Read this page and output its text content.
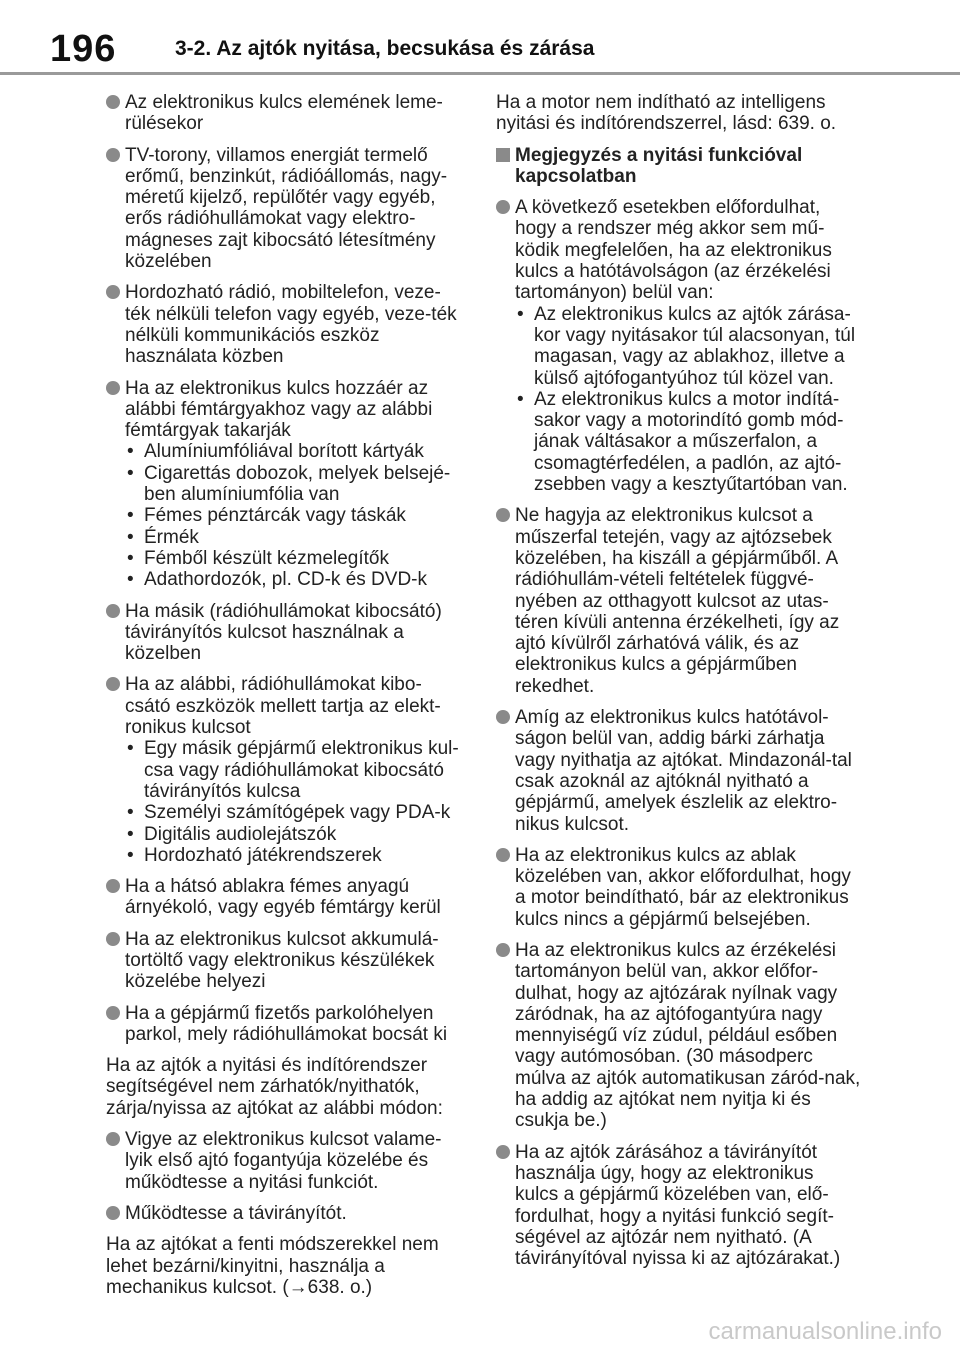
196	3-2. Az ajtók nyitása, becsukása és zárása
Az elektronikus kulcs elemének leme-rülésekor
TV-torony, villamos energiát termelő erőmű, benzinkút, rádióállomás, nagy-méretű kijelző, repülőtér vagy egyéb, erős rádióhullámokat vagy elektro-mágneses zajt kibocsátó létesítmény közelében
Hordozható rádió, mobiltelefon, veze-ték nélküli telefon vagy egyéb, veze-ték nélküli kommunikációs eszköz használata közben
Ha az elektronikus kulcs hozzáér az alábbi fémtárgyakhoz vagy az alábbi fémtárgyak takarják
• Alumíniumfóliával borított kártyák
• Cigarettás dobozok, melyek belsejé-ben alumíniumfólia van
• Fémes pénztárcák vagy táskák
• Érmék
• Fémből készült kézmelegítők
• Adathordozók, pl. CD-k és DVD-k
Ha másik (rádióhullámokat kibocsátó) távirányítós kulcsot használnak a közelben
Ha az alábbi, rádióhullámokat kibo-csátó eszközök mellett tartja az elekt-ronikus kulcsot
• Egy másik gépjármű elektronikus kul-csa vagy rádióhullámokat kibocsátó távirányítós kulcsa
• Személyi számítógépek vagy PDA-k
• Digitális audiolejátszók
• Hordozható játékrendszerek
Ha a hátsó ablakra fémes anyagú árnyékoló, vagy egyéb fémtárgy kerül
Ha az elektronikus kulcsot akkumulá-tortöltő vagy elektronikus készülékek közelébe helyezi
Ha a gépjármű fizetős parkolóhelyen parkol, mely rádióhullámokat bocsát ki
Ha az ajtók a nyitási és indítórendszer segítségével nem zárhatók/nyithatók, zárja/nyissa az ajtókat az alábbi módon:
Vigye az elektronikus kulcsot valame-lyik első ajtó fogantyúja közelébe és működtesse a nyitási funkciót.
Működtesse a távirányítót.
Ha az ajtókat a fenti módszerekkel nem lehet bezárni/kinyitni, használja a mechanikus kulcsot. (→638. o.)
Ha a motor nem indítható az intelligens nyitási és indítórendszerrel, lásd: 639. o.
Megjegyzés a nyitási funkcióval kapcsolatban
A következő esetekben előfordulhat, hogy a rendszer még akkor sem mű-ködik megfelelően, ha az elektronikus kulcs a hatótávolságon (az érzékelési tartományon) belül van:
• Az elektronikus kulcs az ajtók zárása-kor vagy nyitásakor túl alacsonyan, túl magasan, vagy az ablakhoz, illetve a külső ajtófogantyúhoz túl közel van.
• Az elektronikus kulcs a motor indítá-sakor vagy a motorindító gomb mód-jának váltásakor a műszerfalon, a csomagtérfedélen, a padlón, az ajtó-zsebben vagy a kesztyűtartóban van.
Ne hagyja az elektronikus kulcsot a műszerfal tetején, vagy az ajtózsebek közelében, ha kiszáll a gépjárműből. A rádióhullám-vételi feltételek függvé-nyében az otthagyott kulcsot az utas-téren kívüli antenna érzékelheti, így az ajtó kívülről zárhatóvá válik, és az elektronikus kulcs a gépjárműben rekedhet.
Amíg az elektronikus kulcs hatótávol-ságon belül van, addig bárki zárhatja vagy nyithatja az ajtókat. Mindazonál-tal csak azoknál az ajtóknál nyitható a gépjármű, amelyek észlelik az elektro-nikus kulcsot.
Ha az elektronikus kulcs az ablak közelében van, akkor előfordulhat, hogy a motor beindítható, bár az elektronikus kulcs nincs a gépjármű belsejében.
Ha az elektronikus kulcs az érzékelési tartományon belül van, akkor előfor-dulhat, hogy az ajtózárak nyílnak vagy záródnak, ha az ajtófogantyúra nagy mennyiségű víz zúdul, például esőben vagy autómosóban. (30 másodperc múlva az ajtók automatikusan záród-nak, ha addig az ajtókat nem nyitja ki és csukja be.)
Ha az ajtók zárásához a távirányítót használja úgy, hogy az elektronikus kulcs a gépjármű közelében van, elő-fordulhat, hogy a nyitási funkció segít-ségével az ajtózár nem nyitható. (A távirányítóval nyissa ki az ajtózárakat.)
carmanualsonline.info
